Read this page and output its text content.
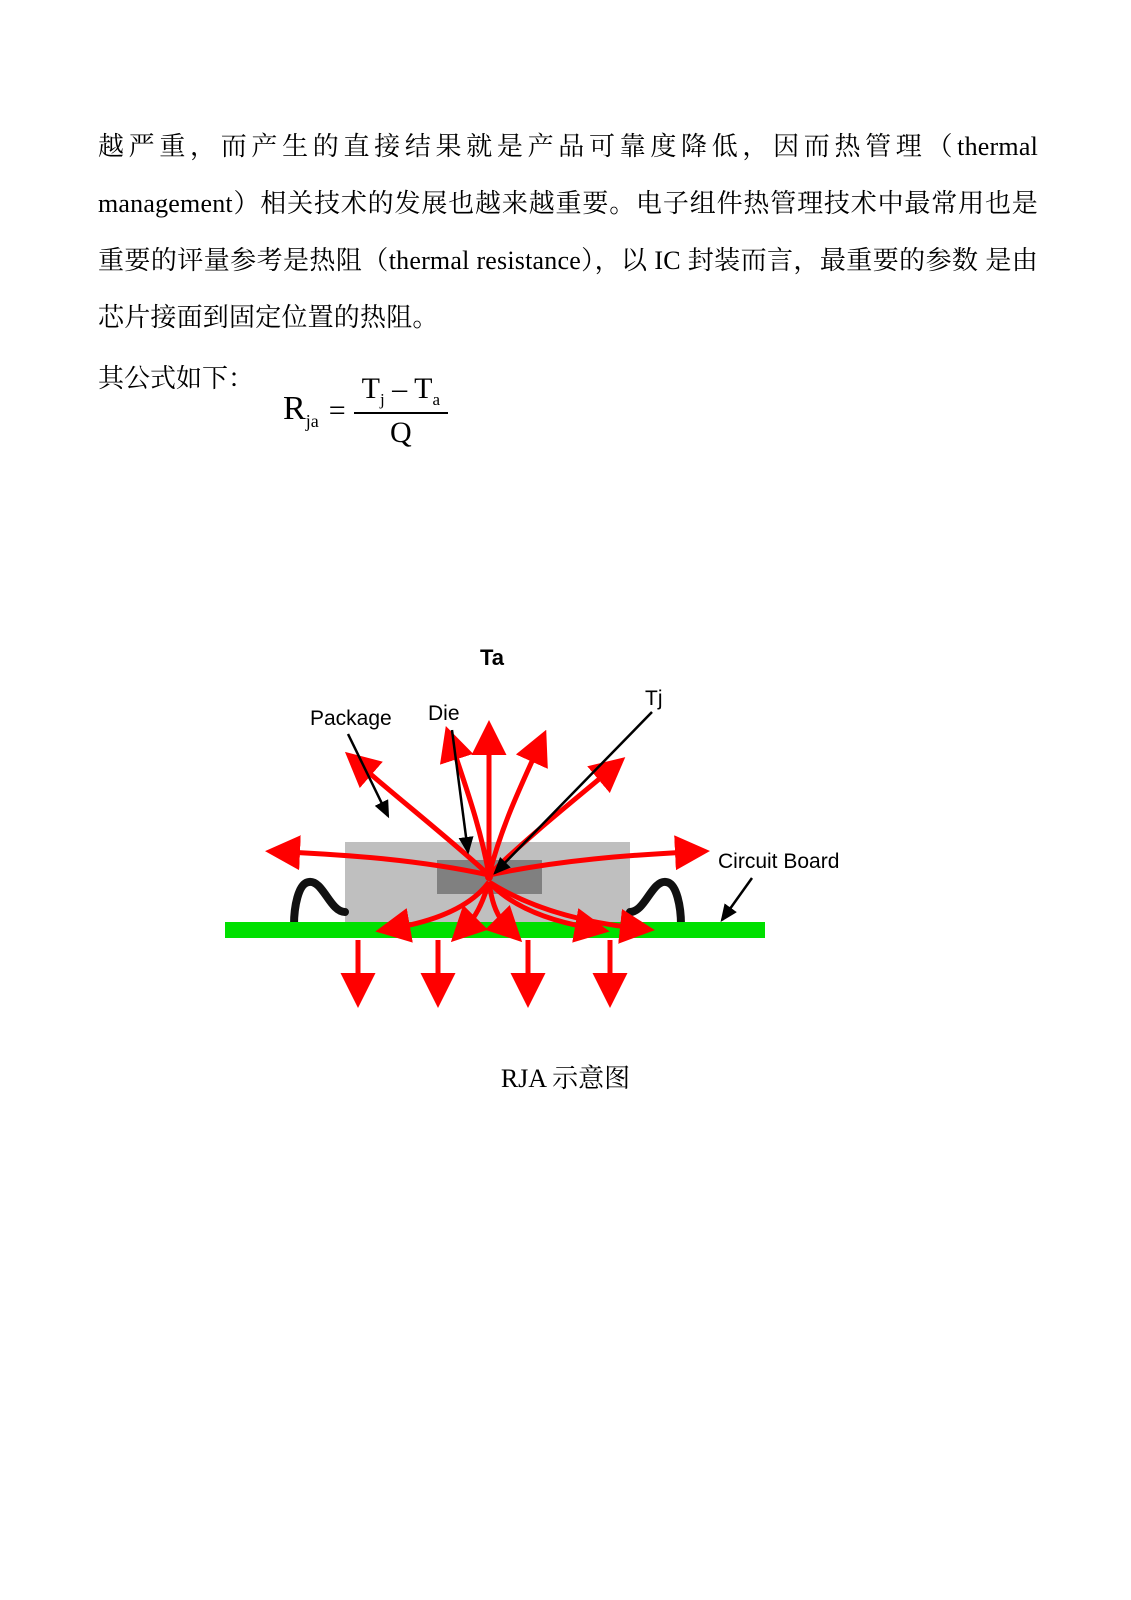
越严重，而产生的直接结果就是产品可靠度降低，因而热管理（thermal management）相关技术的发展也越来越重要。电子组件热管理技术中最常用也是重要的评量参考是热阻（thermal resistance），以 IC 封装而言，最重要的参数 是由芯片接面到固定位置的热阻。
其公式如下：
$R_{ja} = \frac{T_j - T_a}{Q}$
Ta
Package Die
Tj
Circuit Board
RJA 示意图
